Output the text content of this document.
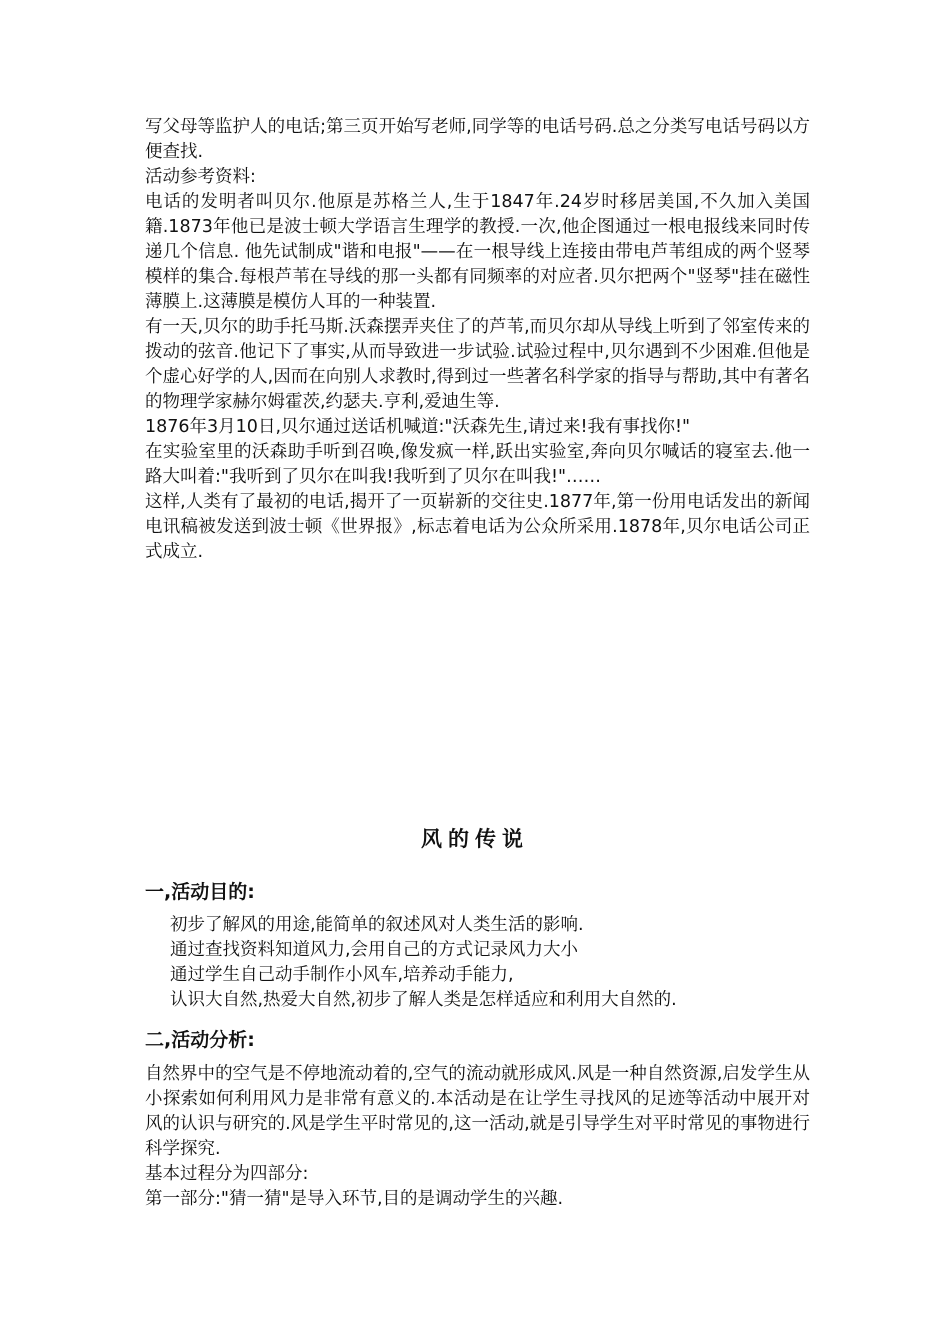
写父母等监护人的电话;第三页开始写老师,同学等的电话号码.总之分类写电话号码以方便查找.

活动参考资料:

电话的发明者叫贝尔.他原是苏格兰人,生于1847年.24岁时移居美国,不久加入美国籍.1873年他已是波士顿大学语言生理学的教授.一次,他企图通过一根电报线来同时传递几个信息. 他先试制成"谐和电报"——在一根导线上连接由带电芦苇组成的两个竖琴模样的集合.每根芦苇在导线的那一头都有同频率的对应者.贝尔把两个"竖琴"挂在磁性薄膜上.这薄膜是模仿人耳的一种装置.

有一天,贝尔的助手托马斯.沃森摆弄夹住了的芦苇,而贝尔却从导线上听到了邻室传来的拨动的弦音.他记下了事实,从而导致进一步试验.试验过程中,贝尔遇到不少困难.但他是个虚心好学的人,因而在向别人求教时,得到过一些著名科学家的指导与帮助,其中有著名的物理学家赫尔姆霍茨,约瑟夫.亨利,爱迪生等.

1876年3月10日,贝尔通过送话机喊道:"沃森先生,请过来!我有事找你!"

在实验室里的沃森助手听到召唤,像发疯一样,跃出实验室,奔向贝尔喊话的寝室去.他一路大叫着:"我听到了贝尔在叫我!我听到了贝尔在叫我!"……

这样,人类有了最初的电话,揭开了一页崭新的交往史.1877年,第一份用电话发出的新闻电讯稿被发送到波士顿《世界报》,标志着电话为公众所采用.1878年,贝尔电话公司正式成立.

风的传说
一,活动目的:
初步了解风的用途,能简单的叙述风对人类生活的影响.
通过查找资料知道风力,会用自己的方式记录风力大小
通过学生自己动手制作小风车,培养动手能力,
认识大自然,热爱大自然,初步了解人类是怎样适应和利用大自然的.
二,活动分析:

自然界中的空气是不停地流动着的,空气的流动就形成风.风是一种自然资源,启发学生从小探索如何利用风力是非常有意义的.本活动是在让学生寻找风的足迹等活动中展开对风的认识与研究的.风是学生平时常见的,这一活动,就是引导学生对平时常见的事物进行科学探究.

基本过程分为四部分:
第一部分:"猜一猜"是导入环节,目的是调动学生的兴趣.
